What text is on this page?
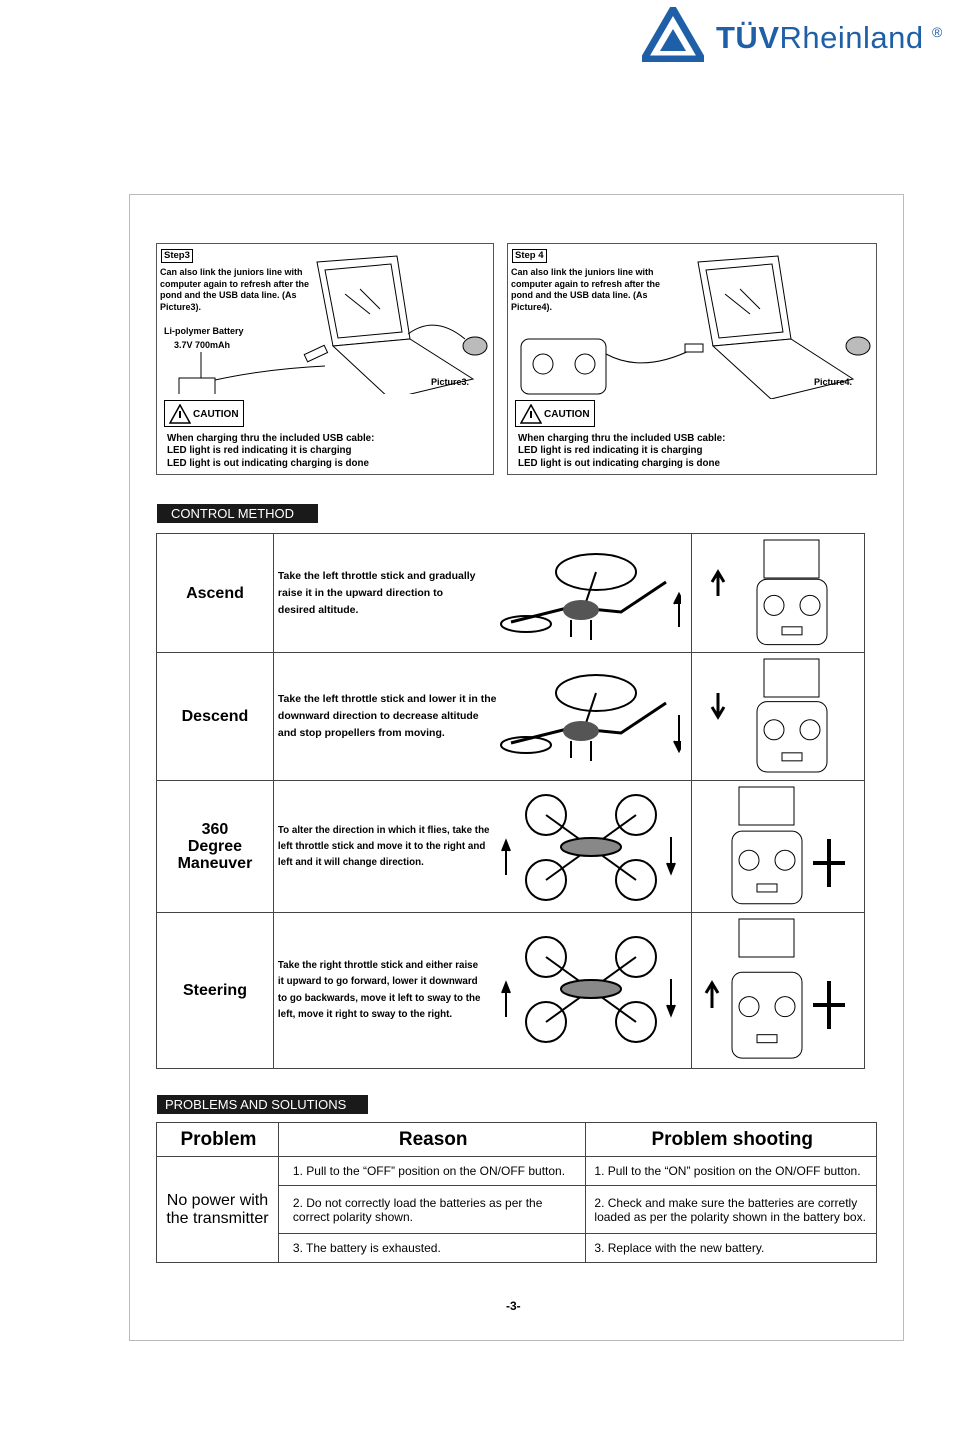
TÜVRheinland ®
Step3
Can also link the juniors line with computer again to refresh after the pond and the USB data line. (As Picture3).
Li-polymer Battery
3.7V 700mAh
Picture3.
CAUTION
When charging thru the included USB cable:
LED light is red indicating it is charging
LED light is out indicating charging is done
Step 4
Can also link the juniors line with computer again to refresh after the pond and the USB data line. (As Picture4).
Picture4.
CAUTION
When charging thru the included USB cable:
LED light is red indicating it is charging
LED light is out indicating charging is done
CONTROL METHOD
Ascend	Take the left throttle stick and gradually
raise it in the upward direction to
desired altitude.

Descend	Take the left throttle stick and lower it in the
downward direction to decrease altitude
and stop propellers from moving.

360 Degree Maneuver	To alter the direction in which it flies, take the
left throttle stick and move it to the right and
left and it will change direction.

Steering	Take the right throttle stick and either raise
it upward to go forward, lower it downward
to go backwards, move it left to sway to the
left, move it right to sway to the right.

PROBLEMS AND SOLUTIONS
Problem	Reason	Problem shooting
No power with the transmitter	1. Pull to the “OFF” position on the ON/OFF button.	1. Pull to the “ON” position on the ON/OFF button.
	2. Do not correctly load the batteries as per the correct polarity shown.	2. Check and make sure the batteries are corretly loaded as per the polarity shown in the battery box.
	3. The battery is exhausted.	3. Replace with the new battery.
-3-
